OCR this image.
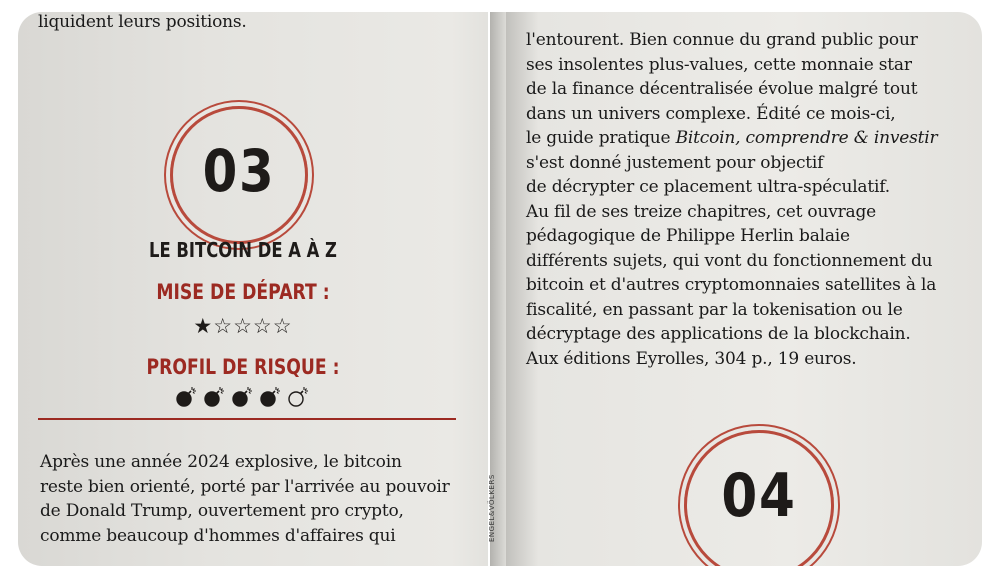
liquident leurs positions.
03
LE BITCOIN DE A À Z
MISE DE DÉPART :
★☆☆☆☆
PROFIL DE RISQUE :
Après une année 2024 explosive, le bitcoin
reste bien orienté, porté par l'arrivée au pouvoir
de Donald Trump, ouvertement pro crypto,
comme beaucoup d'hommes d'affaires qui	ENGEL&VÖLKERS
l'entourent. Bien connue du grand public pour
ses insolentes plus-values, cette monnaie star
de la finance décentralisée évolue malgré tout
dans un univers complexe. Édité ce mois-ci,
le guide pratique Bitcoin, comprendre & investir
s'est donné justement pour objectif
de décrypter ce placement ultra-spéculatif.
Au fil de ses treize chapitres, cet ouvrage
pédagogique de Philippe Herlin balaie
différents sujets, qui vont du fonctionnement du
bitcoin et d'autres cryptomonnaies satellites à la
fiscalité, en passant par la tokenisation ou le
décryptage des applications de la blockchain.
Aux éditions Eyrolles, 304 p., 19 euros.
04
